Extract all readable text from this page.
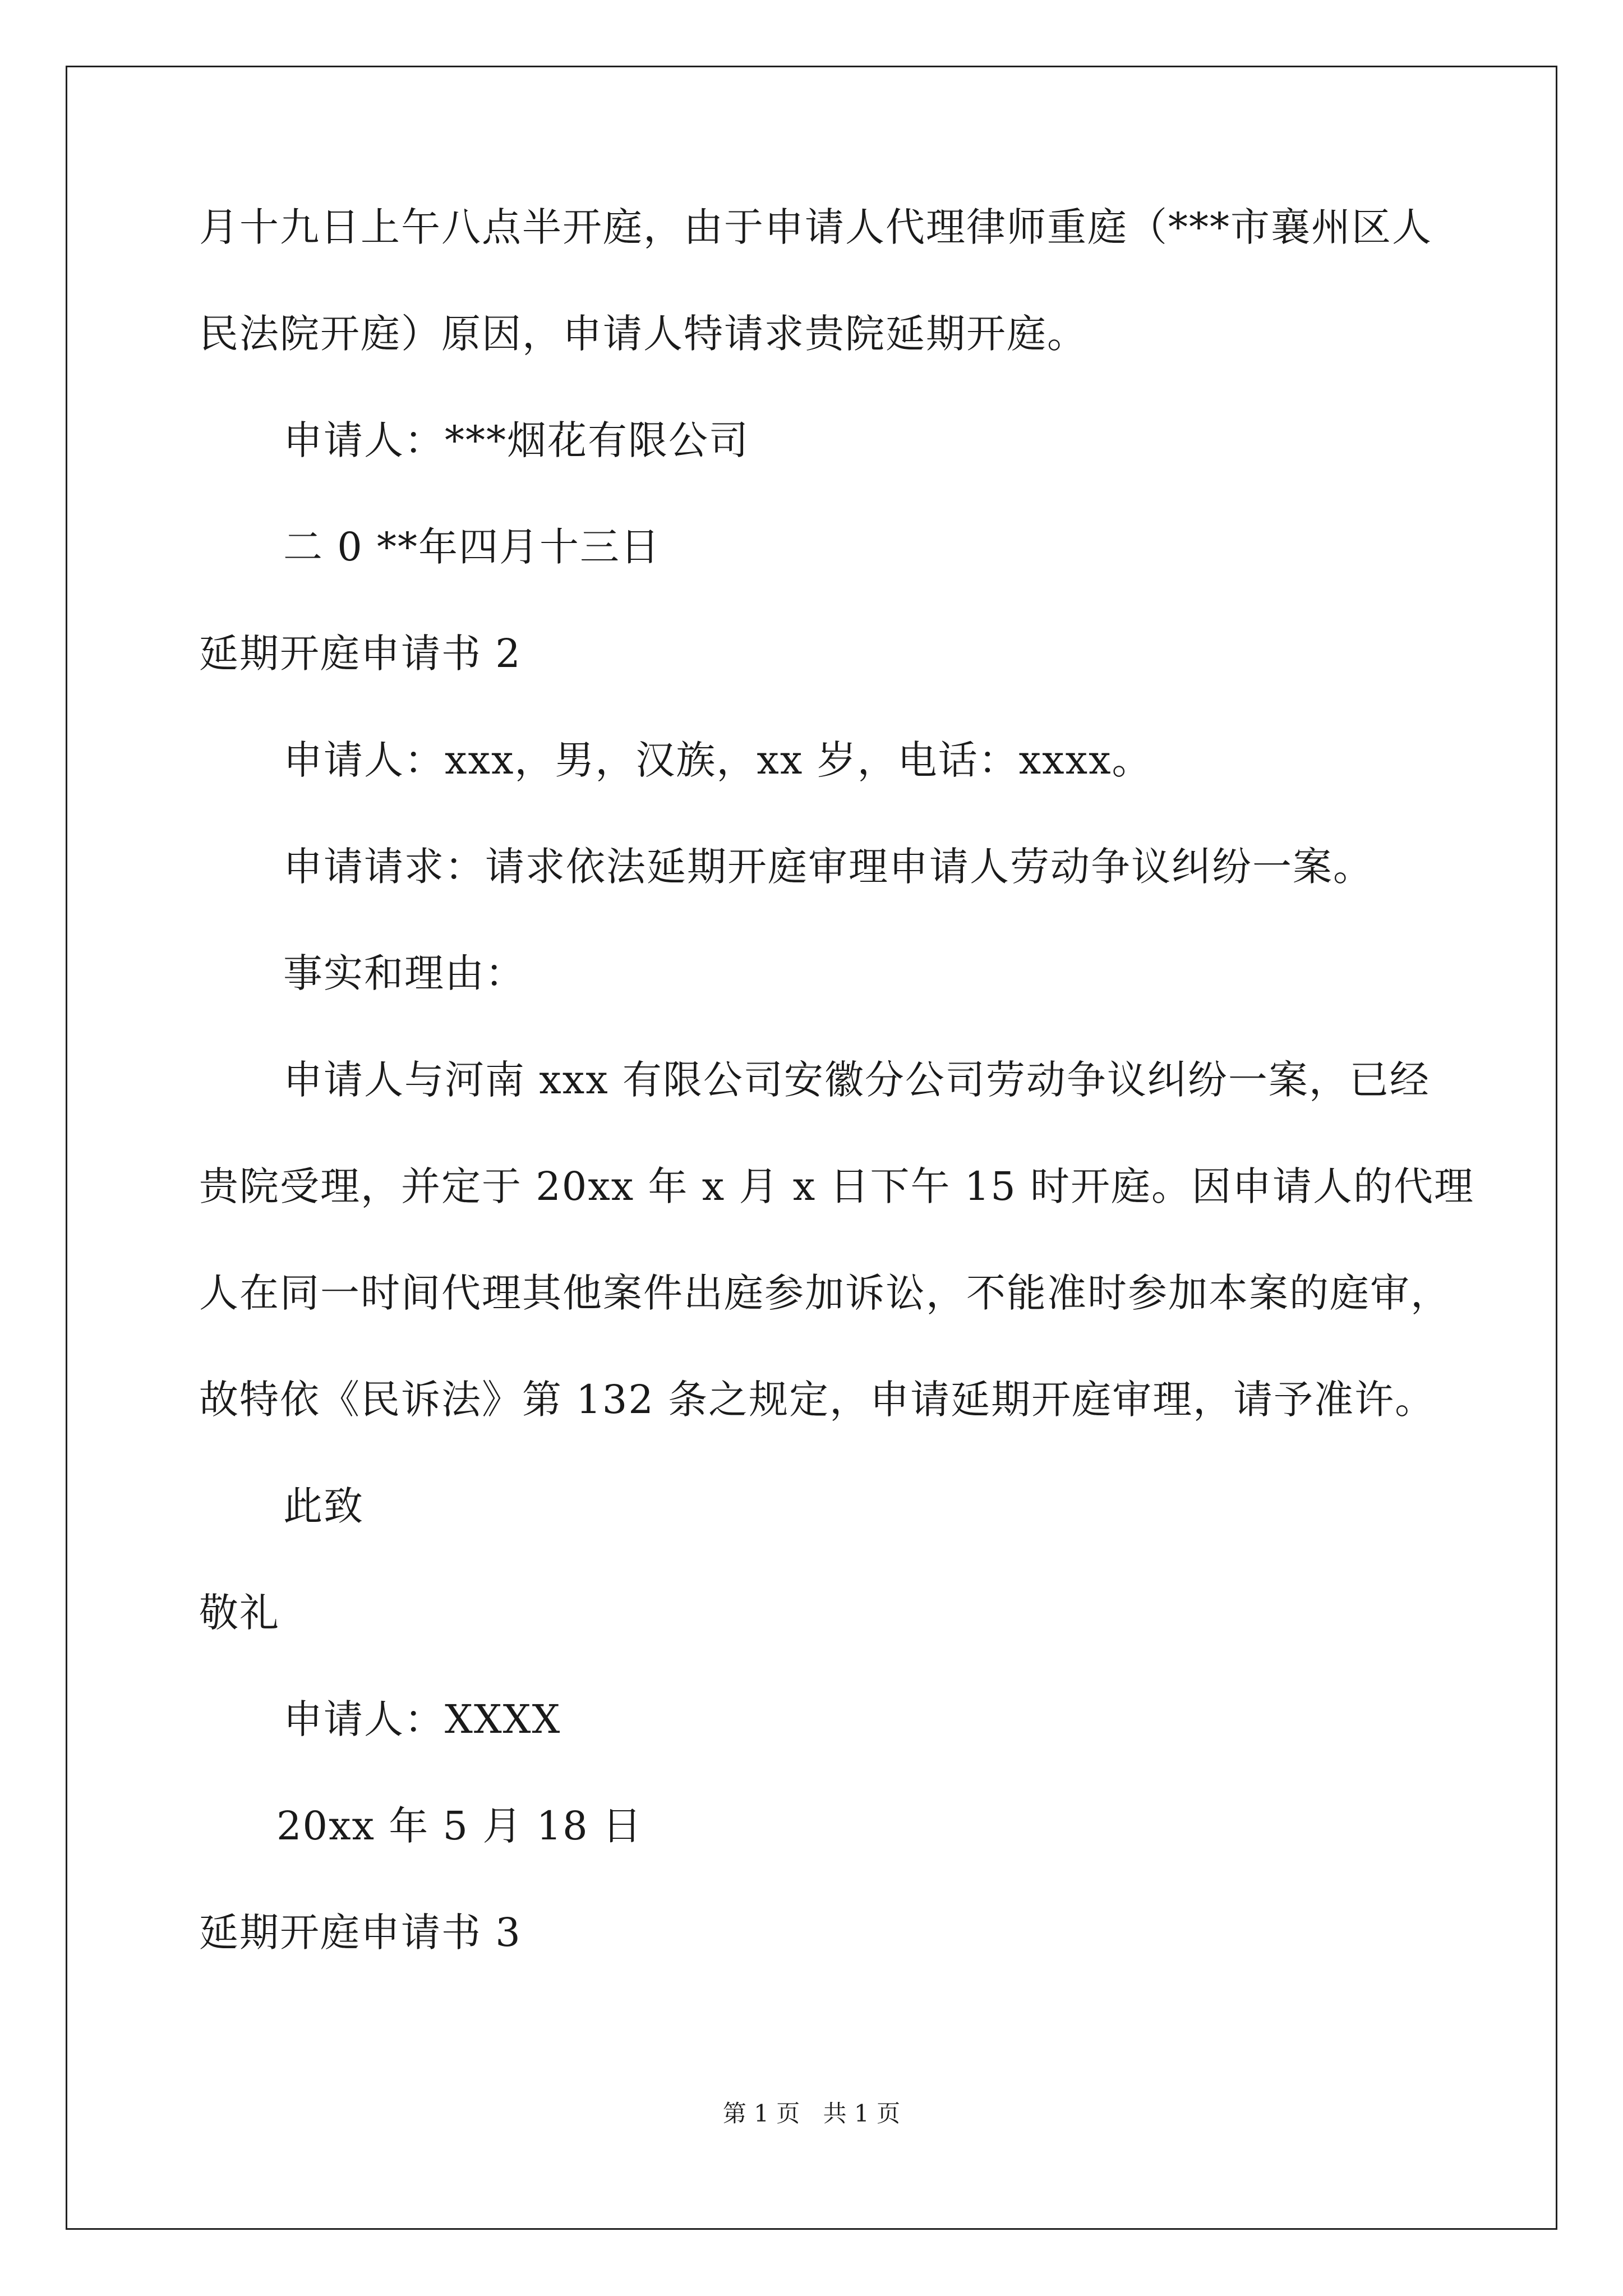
月十九日上午八点半开庭，由于申请人代理律师重庭（***市襄州区人
民法院开庭）原因，申请人特请求贵院延期开庭。
申请人：***烟花有限公司
二 0 **年四月十三日
延期开庭申请书 2
申请人：xxx，男，汉族，xx 岁，电话：xxxx。
申请请求：请求依法延期开庭审理申请人劳动争议纠纷一案。
事实和理由：
申请人与河南 xxx 有限公司安徽分公司劳动争议纠纷一案，已经
贵院受理，并定于 20xx 年 x 月 x 日下午 15 时开庭。因申请人的代理
人在同一时间代理其他案件出庭参加诉讼，不能准时参加本案的庭审，
故特依《民诉法》第 132 条之规定，申请延期开庭审理，请予准许。
此致
敬礼
申请人：XXXX
20xx 年 5 月 18 日
延期开庭申请书 3
第 1 页 共 1 页
